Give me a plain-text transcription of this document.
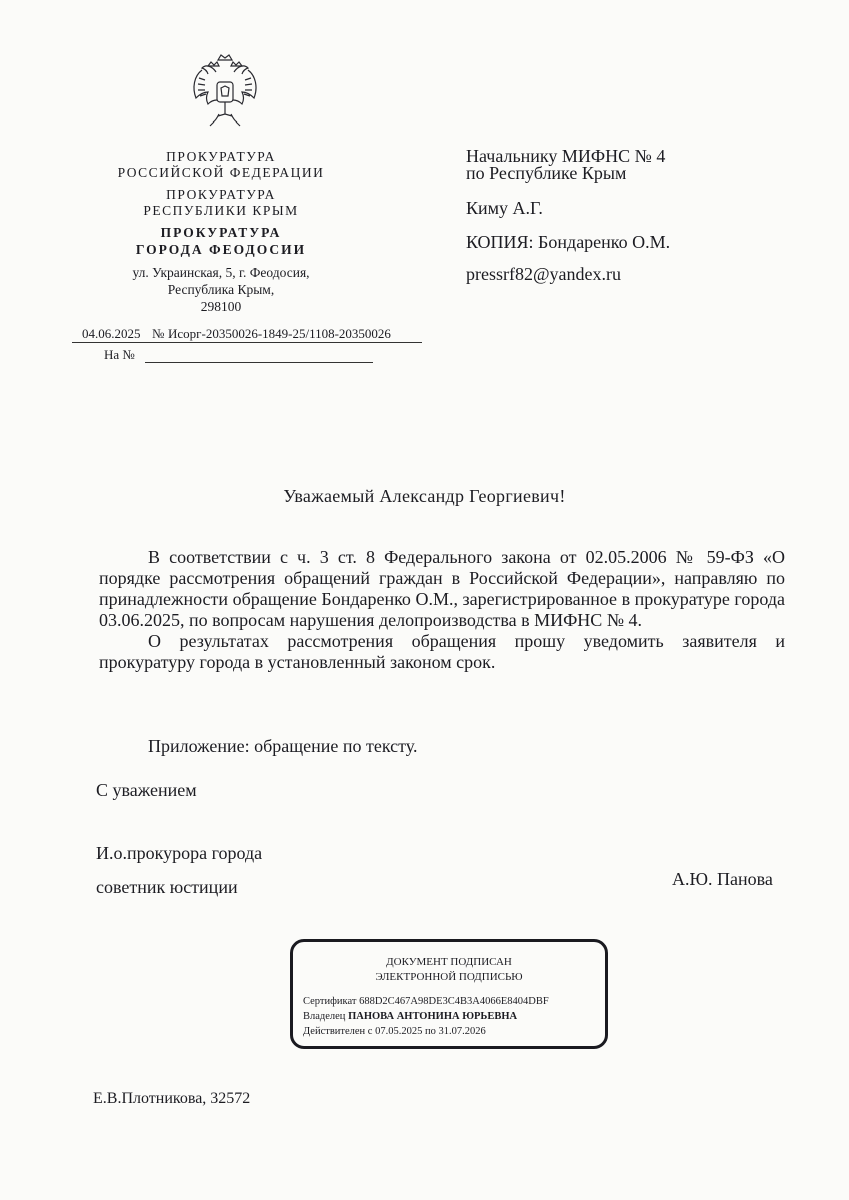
ПРОКУРАТУРА
РОССИЙСКОЙ ФЕДЕРАЦИИ
ПРОКУРАТУРА
РЕСПУБЛИКИ КРЫМ
ПРОКУРАТУРА
ГОРОДА ФЕОДОСИИ
ул. Украинская, 5, г. Феодосия,
Республика Крым,
298100
04.06.2025 № Исорг-20350026-1849-25/1108-20350026
На №
Начальнику МИФНС № 4
по Республике Крым
Киму А.Г.
КОПИЯ: Бондаренко О.М.
pressrf82@yandex.ru
Уважаемый Александр Георгиевич!

В соответствии с ч. 3 ст. 8 Федерального закона от 02.05.2006 № 59-ФЗ «О порядке рассмотрения обращений граждан в Российской Федерации», направляю по принадлежности обращение Бондаренко О.М., зарегистрированное в прокуратуре города 03.06.2025, по вопросам нарушения делопроизводства в МИФНС № 4.

О результатах рассмотрения обращения прошу уведомить заявителя и прокуратуру города в установленный законом срок.

Приложение: обращение по тексту.
С уважением
И.о.прокурора города
советник юстиции	А.Ю. Панова
ДОКУМЕНТ ПОДПИСАН
ЭЛЕКТРОННОЙ ПОДПИСЬЮ
Сертификат 688D2C467A98DE3C4B3A4066E8404DBF
Владелец ПАНОВА АНТОНИНА ЮРЬЕВНА
Действителен с 07.05.2025 по 31.07.2026
Е.В.Плотникова, 32572
